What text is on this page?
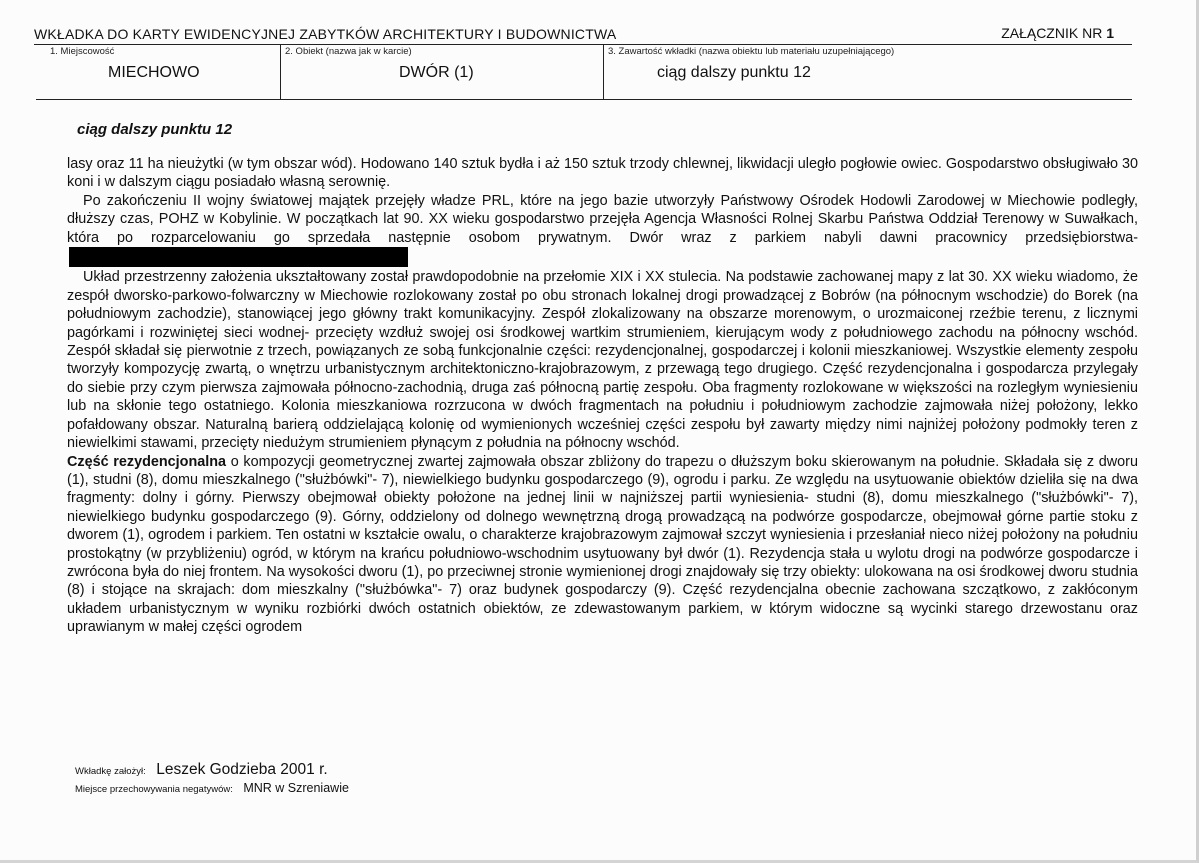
WKŁADKA DO KARTY EWIDENCYJNEJ ZABYTKÓW ARCHITEKTURY I BUDOWNICTWA	ZAŁĄCZNIK NR 1
1. Miejscowość
MIECHOWO
2. Obiekt (nazwa jak w karcie)
DWÓR (1)
3. Zawartość wkładki (nazwa obiektu lub materiału uzupełniającego)
ciąg dalszy punktu 12
ciąg dalszy punktu 12

lasy oraz 11 ha nieużytki (w tym obszar wód). Hodowano 140 sztuk bydła i aż 150 sztuk trzody chlewnej, likwidacji uległo pogłowie owiec. Gospodarstwo obsługiwało 30 koni i w dalszym ciągu posiadało własną serownię.

Po zakończeniu II wojny światowej majątek przejęły władze PRL, które na jego bazie utworzyły Państwowy Ośrodek Hodowli Zarodowej w Miechowie podległy, dłuższy czas, POHZ w Kobylinie. W początkach lat 90. XX wieku gospodarstwo przejęła Agencja Własności Rolnej Skarbu Państwa Oddział Terenowy w Suwałkach, która po rozparcelowaniu go sprzedała następnie osobom prywatnym. Dwór wraz z parkiem nabyli dawni pracownicy przedsiębiorstwa-

Układ przestrzenny założenia ukształtowany został prawdopodobnie na przełomie XIX i XX stulecia. Na podstawie zachowanej mapy z lat 30. XX wieku wiadomo, że zespół dworsko-parkowo-folwarczny w Miechowie rozlokowany został po obu stronach lokalnej drogi prowadzącej z Bobrów (na północnym wschodzie) do Borek (na południowym zachodzie), stanowiącej jego główny trakt komunikacyjny. Zespół zlokalizowany na obszarze morenowym, o urozmaiconej rzeźbie terenu, z licznymi pagórkami i rozwiniętej sieci wodnej- przecięty wzdłuż swojej osi środkowej wartkim strumieniem, kierującym wody z południowego zachodu na północny wschód. Zespół składał się pierwotnie z trzech, powiązanych ze sobą funkcjonalnie części: rezydencjonalnej, gospodarczej i kolonii mieszkaniowej. Wszystkie elementy zespołu tworzyły kompozycję zwartą, o wnętrzu urbanistycznym architektoniczno-krajobrazowym, z przewagą tego drugiego. Część rezydencjonalna i gospodarcza przylegały do siebie przy czym pierwsza zajmowała północno-zachodnią, druga zaś północną partię zespołu. Oba fragmenty rozlokowane w większości na rozległym wyniesieniu lub na skłonie tego ostatniego. Kolonia mieszkaniowa rozrzucona w dwóch fragmentach na południu i południowym zachodzie zajmowała niżej położony, lekko pofałdowany obszar. Naturalną barierą oddzielającą kolonię od wymienionych wcześniej części zespołu był zawarty między nimi najniżej położony podmokły teren z niewielkimi stawami, przecięty niedużym strumieniem płynącym z południa na północny wschód.

Część rezydencjonalna o kompozycji geometrycznej zwartej zajmowała obszar zbliżony do trapezu o dłuższym boku skierowanym na południe. Składała się z dworu (1), studni (8), domu mieszkalnego ("służbówki"- 7), niewielkiego budynku gospodarczego (9), ogrodu i parku. Ze względu na usytuowanie obiektów dzieliła się na dwa fragmenty: dolny i górny. Pierwszy obejmował obiekty położone na jednej linii w najniższej partii wyniesienia- studni (8), domu mieszkalnego ("służbówki"- 7), niewielkiego budynku gospodarczego (9). Górny, oddzielony od dolnego wewnętrzną drogą prowadzącą na podwórze gospodarcze, obejmował górne partie stoku z dworem (1), ogrodem i parkiem. Ten ostatni w kształcie owalu, o charakterze krajobrazowym zajmował szczyt wyniesienia i przesłaniał nieco niżej położony na południu prostokątny (w przybliżeniu) ogród, w którym na krańcu południowo-wschodnim usytuowany był dwór (1). Rezydencja stała u wylotu drogi na podwórze gospodarcze i zwrócona była do niej frontem. Na wysokości dworu (1), po przeciwnej stronie wymienionej drogi znajdowały się trzy obiekty: ulokowana na osi środkowej dworu studnia (8) i stojące na skrajach: dom mieszkalny ("służbówka"- 7) oraz budynek gospodarczy (9). Część rezydencjalna obecnie zachowana szczątkowo, z zakłóconym układem urbanistycznym w wyniku rozbiórki dwóch ostatnich obiektów, ze zdewastowanym parkiem, w którym widoczne są wycinki starego drzewostanu oraz uprawianym w małej części ogrodem

Wkładkę założył: Leszek Godzieba 2001 r.
Miejsce przechowywania negatywów: MNR w Szreniawie
